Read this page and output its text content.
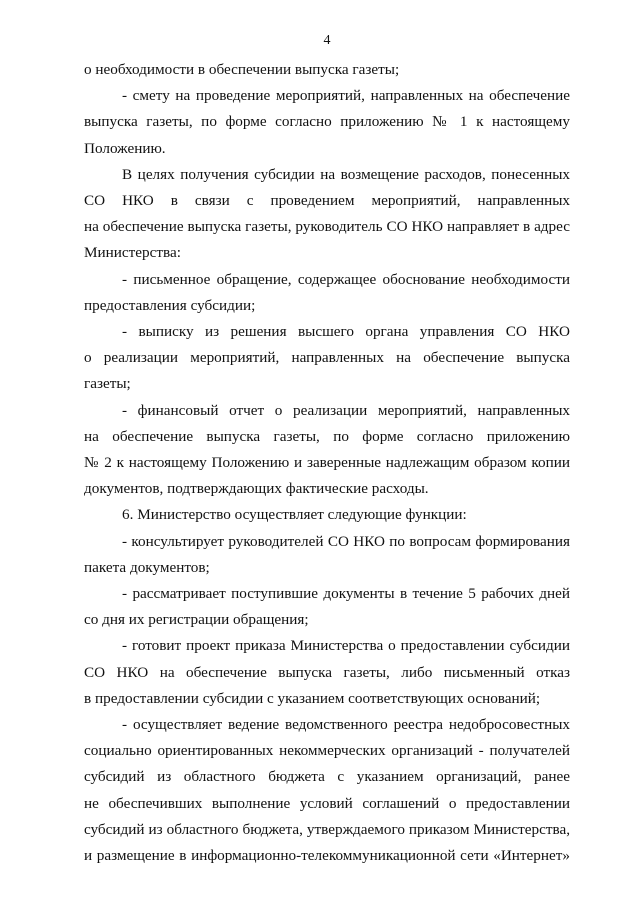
4
о необходимости в обеспечении выпуска газеты;
- смету на проведение мероприятий, направленных на обеспечение
выпуска газеты, по форме согласно приложению № 1 к настоящему
Положению.
В целях получения субсидии на возмещение расходов, понесенных
СО НКО в связи с проведением мероприятий, направленных
на обеспечение выпуска газеты, руководитель СО НКО направляет в адрес
Министерства:
- письменное обращение, содержащее обоснование необходимости
предоставления субсидии;
- выписку из решения высшего органа управления СО НКО
о реализации мероприятий, направленных на обеспечение выпуска газеты;
- финансовый отчет о реализации мероприятий, направленных
на обеспечение выпуска газеты, по форме согласно приложению
№ 2 к настоящему Положению и заверенные надлежащим образом копии
документов, подтверждающих фактические расходы.
6. Министерство осуществляет следующие функции:
- консультирует руководителей СО НКО по вопросам формирования
пакета документов;
- рассматривает поступившие документы в течение 5 рабочих дней
со дня их регистрации обращения;
- готовит проект приказа Министерства о предоставлении субсидии
СО НКО на обеспечение выпуска газеты, либо письменный отказ
в предоставлении субсидии с указанием соответствующих оснований;
- осуществляет ведение ведомственного реестра недобросовестных
социально ориентированных некоммерческих организаций - получателей
субсидий из областного бюджета с указанием организаций, ранее
не обеспечивших выполнение условий соглашений о предоставлении
субсидий из областного бюджета, утверждаемого приказом Министерства,
и размещение в информационно-телекоммуникационной сети «Интернет»
